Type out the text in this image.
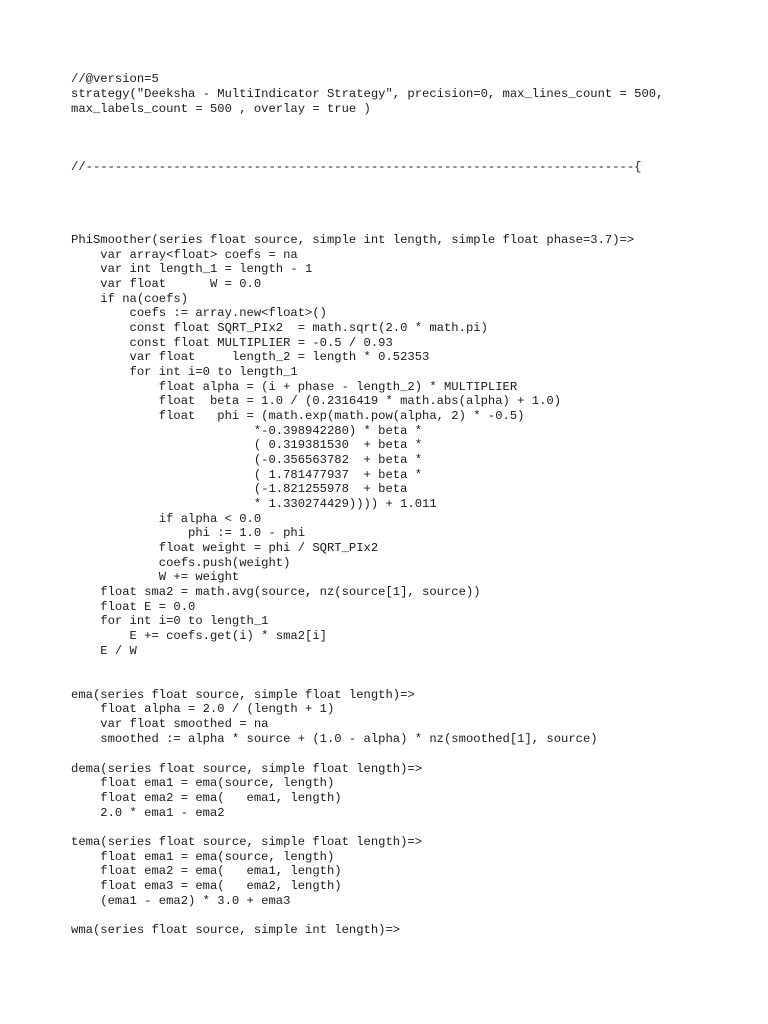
//@version=5
strategy("Deeksha - MultiIndicator Strategy", precision=0, max_lines_count = 500,
max_labels_count = 500 , overlay = true )
//---------------------------------------------------------------------------{
PhiSmoother(series float source, simple int length, simple float phase=3.7)=>
var array<float> coefs = na
var int length_1 = length - 1
var float      W = 0.0
if na(coefs)
coefs := array.new<float>()
const float SQRT_PIx2  = math.sqrt(2.0 * math.pi)
const float MULTIPLIER = -0.5 / 0.93
var float     length_2 = length * 0.52353
for int i=0 to length_1
float alpha = (i + phase - length_2) * MULTIPLIER
float  beta = 1.0 / (0.2316419 * math.abs(alpha) + 1.0)
float   phi = (math.exp(math.pow(alpha, 2) * -0.5)
*-0.398942280) * beta *
( 0.319381530  + beta *
(-0.356563782  + beta *
( 1.781477937  + beta *
(-1.821255978  + beta
* 1.330274429)))) + 1.011
if alpha < 0.0
phi := 1.0 - phi
float weight = phi / SQRT_PIx2
coefs.push(weight)
W += weight
float sma2 = math.avg(source, nz(source[1], source))
float E = 0.0
for int i=0 to length_1
E += coefs.get(i) * sma2[i]
E / W
ema(series float source, simple float length)=>
float alpha = 2.0 / (length + 1)
var float smoothed = na
smoothed := alpha * source + (1.0 - alpha) * nz(smoothed[1], source)
dema(series float source, simple float length)=>
float ema1 = ema(source, length)
float ema2 = ema(   ema1, length)
2.0 * ema1 - ema2
tema(series float source, simple float length)=>
float ema1 = ema(source, length)
float ema2 = ema(   ema1, length)
float ema3 = ema(   ema2, length)
(ema1 - ema2) * 3.0 + ema3
wma(series float source, simple int length)=>
